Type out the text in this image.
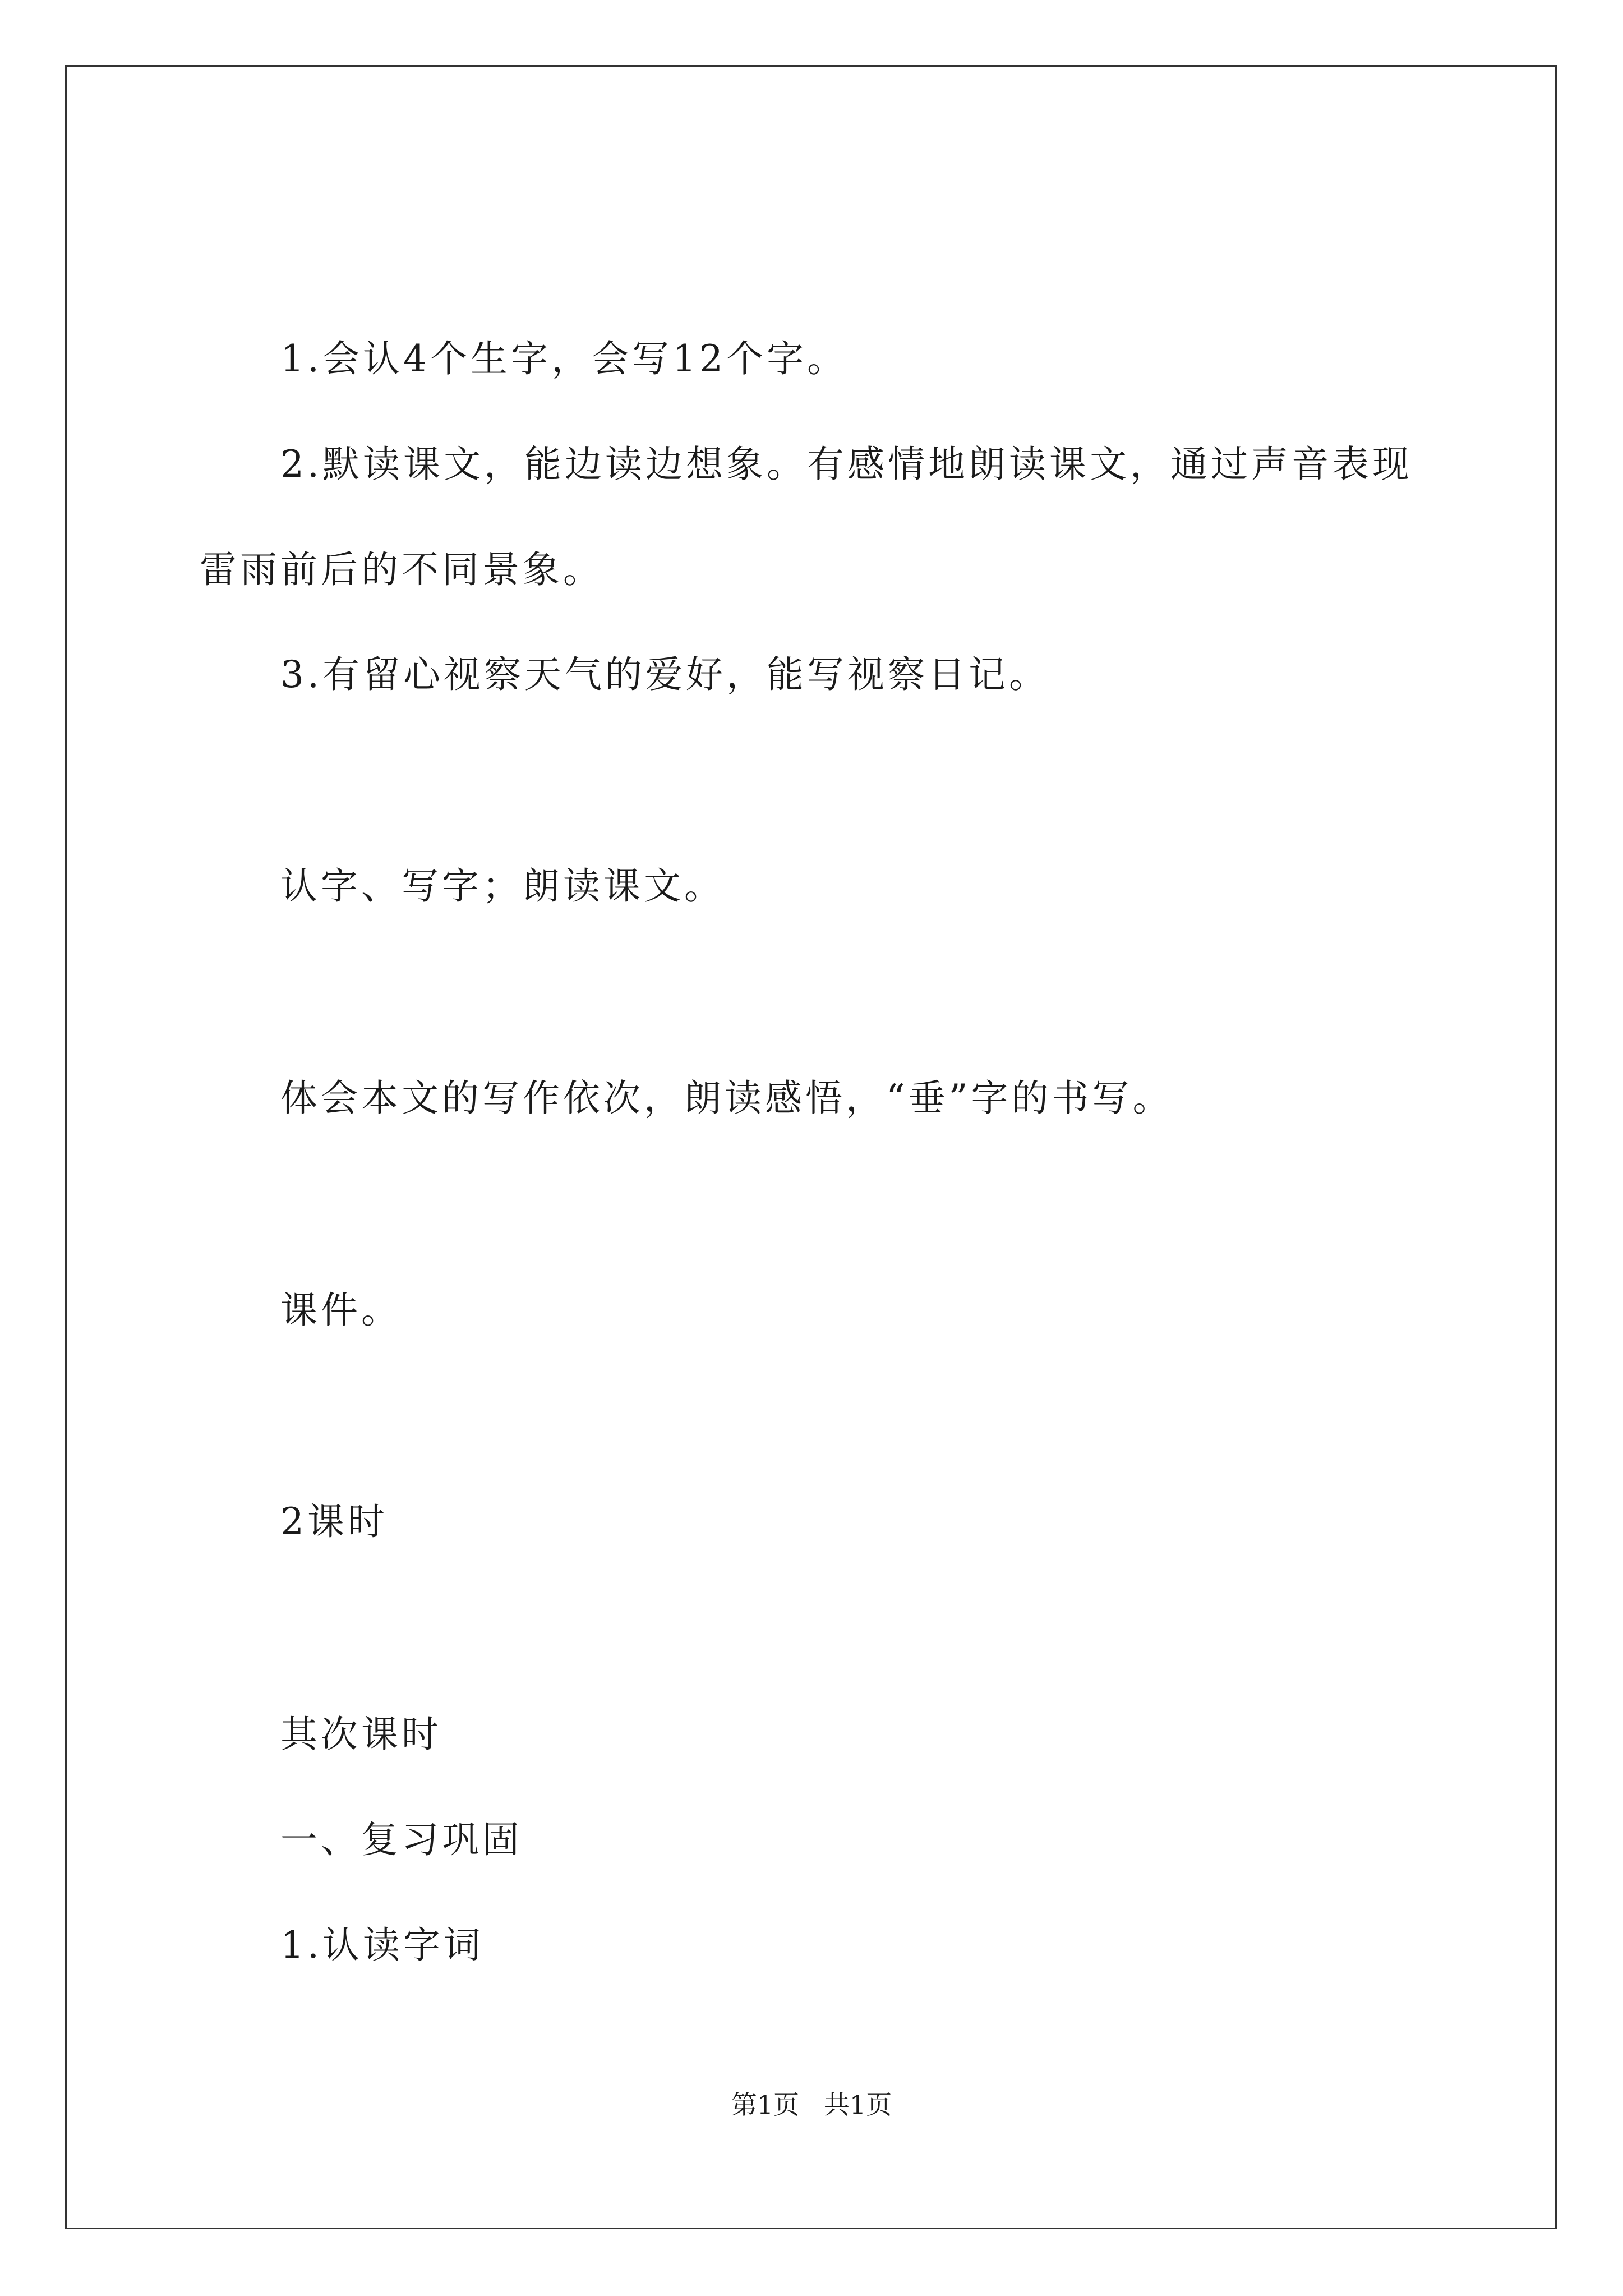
1.会认4个生字，会写12个字。
2.默读课文，能边读边想象。有感情地朗读课文，通过声音表现
雷雨前后的不同景象。
3.有留心视察天气的爱好，能写视察日记。
认字、写字；朗读课文。
体会本文的写作依次，朗读感悟，“垂”字的书写。
课件。
2课时
其次课时
一、复习巩固
1.认读字词
第1页   共1页
